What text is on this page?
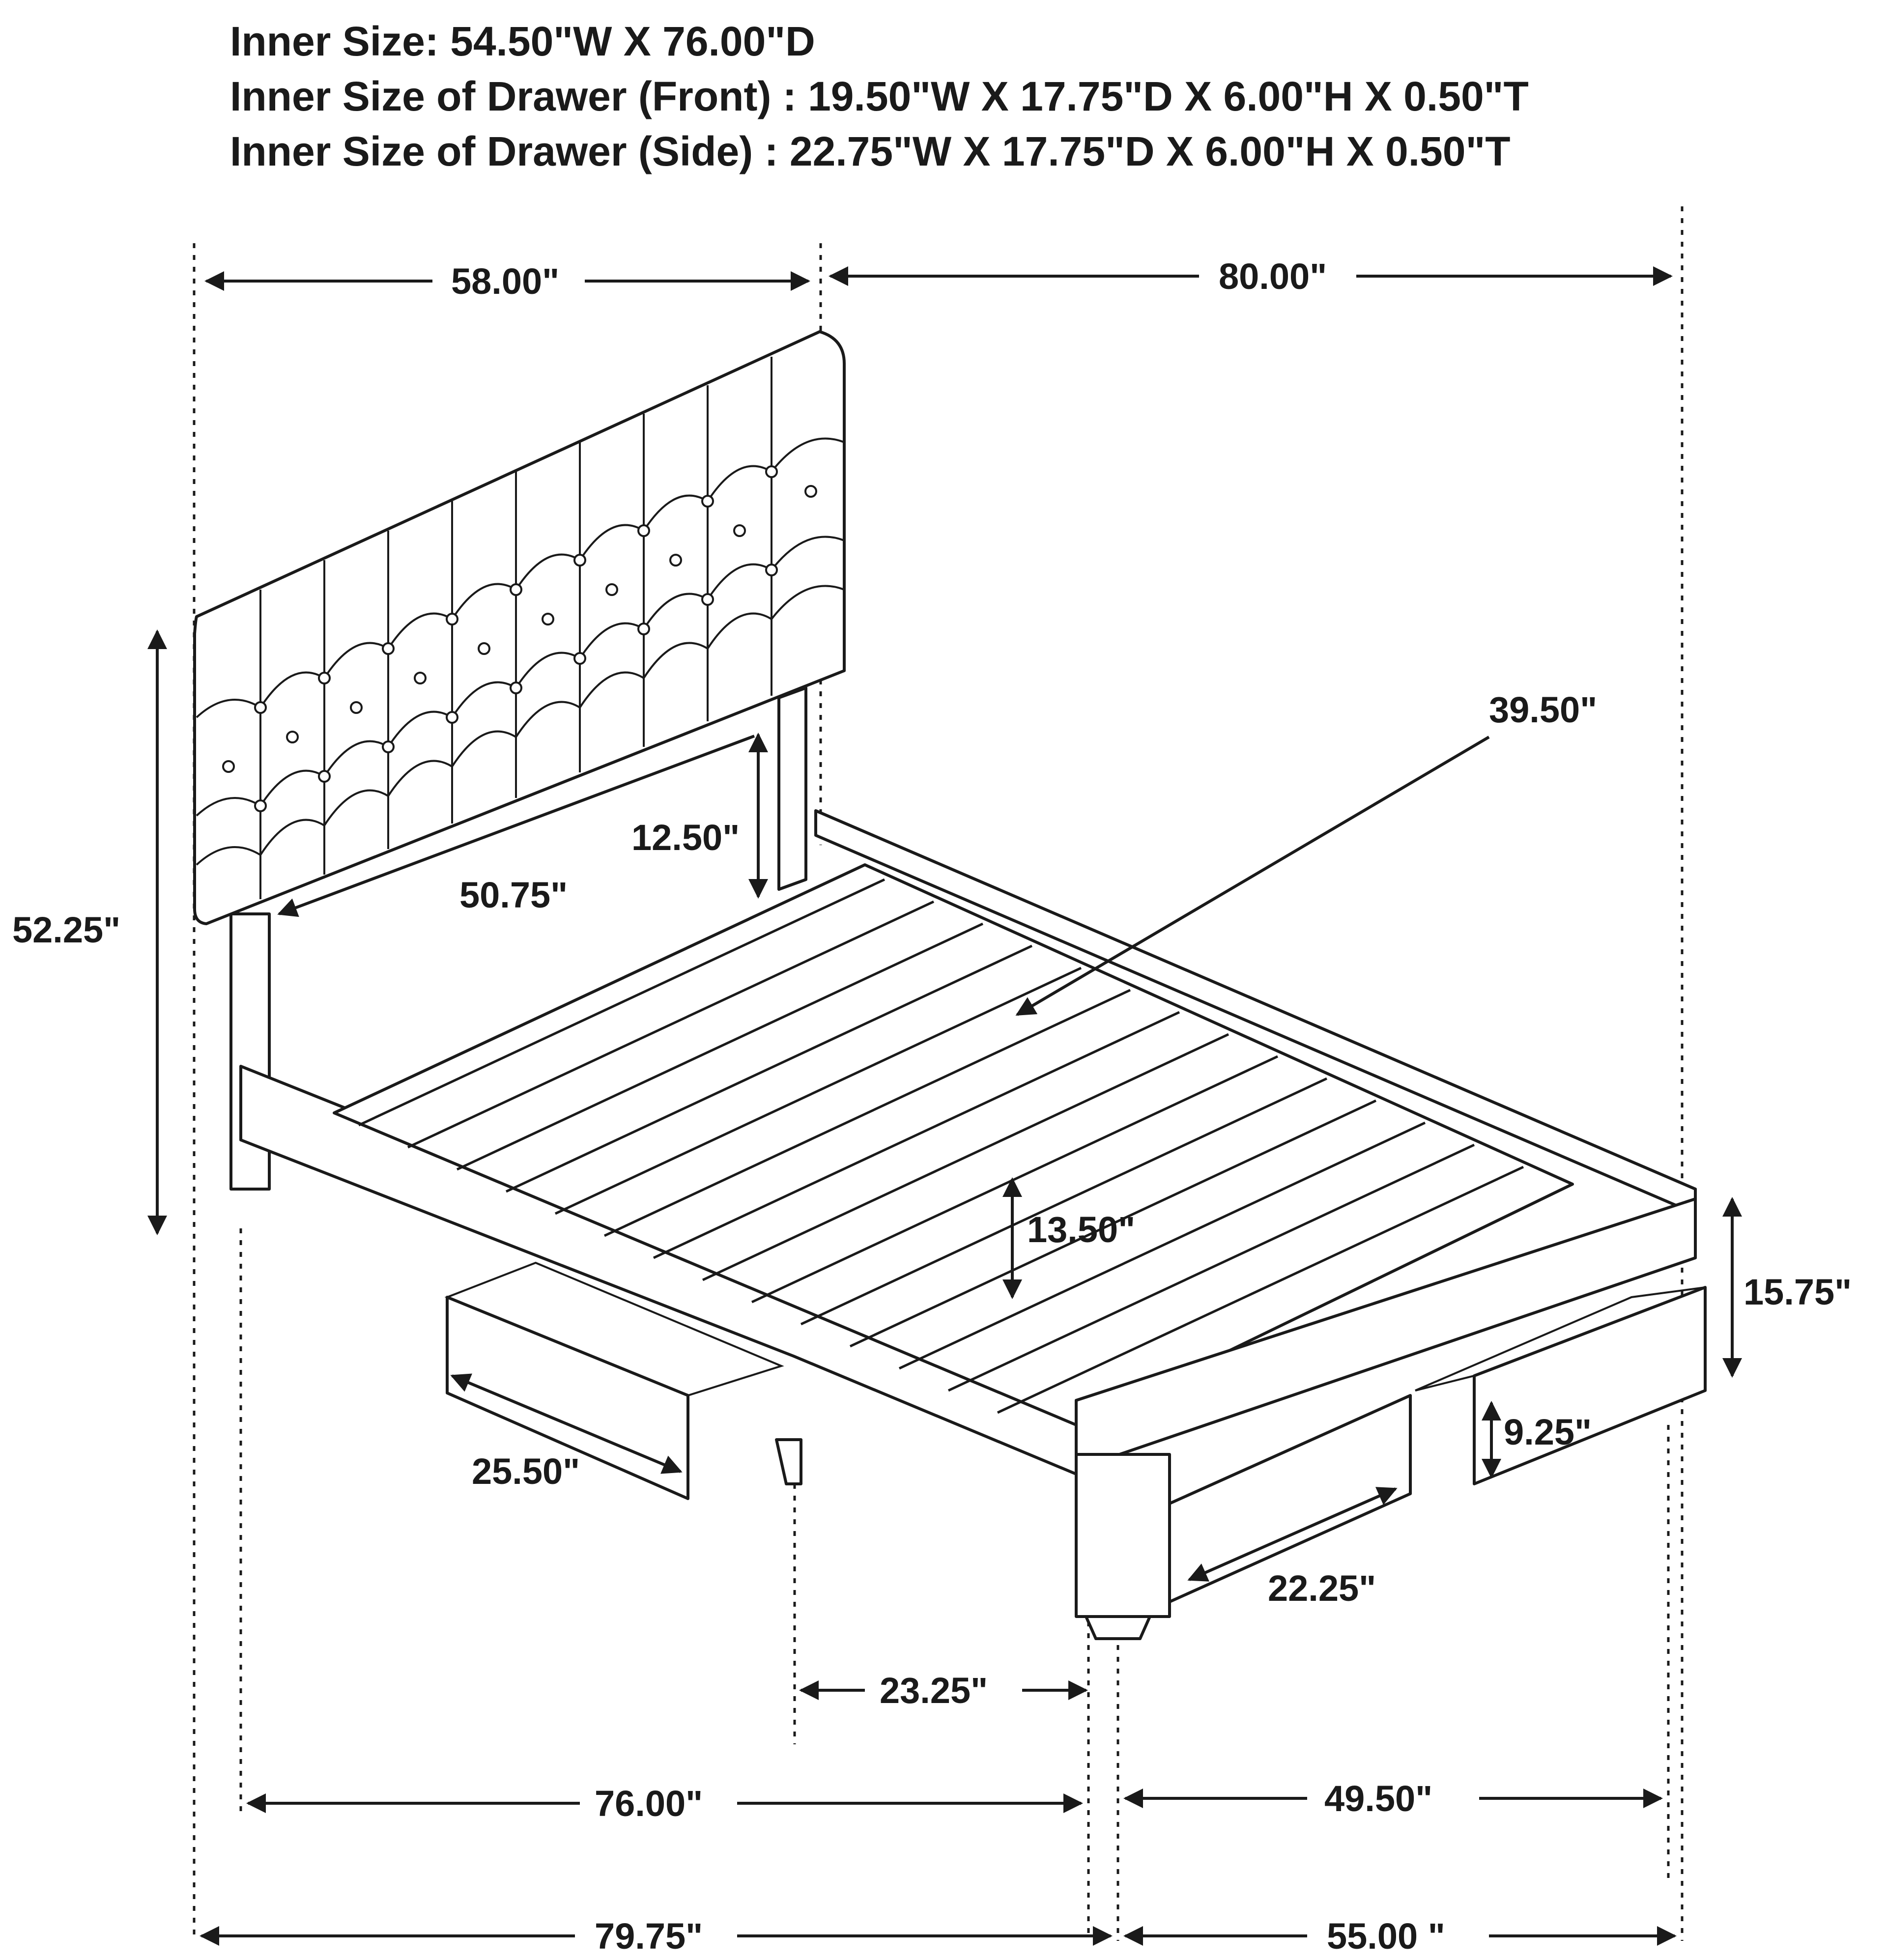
Inner Size: 54.50"W X 76.00"D
Inner Size of Drawer (Front) : 19.50"W X 17.75"D X 6.00"H X 0.50"T
Inner Size of Drawer (Side) : 22.75"W X 17.75"D X 6.00"H X 0.50"T
58.00"	80.00"
52.25"
12.50"
50.75"
39.50"
13.50"
15.75"
25.50"
9.25"
22.25"
23.25"
76.00"	49.50"
79.75"	55.00 "
